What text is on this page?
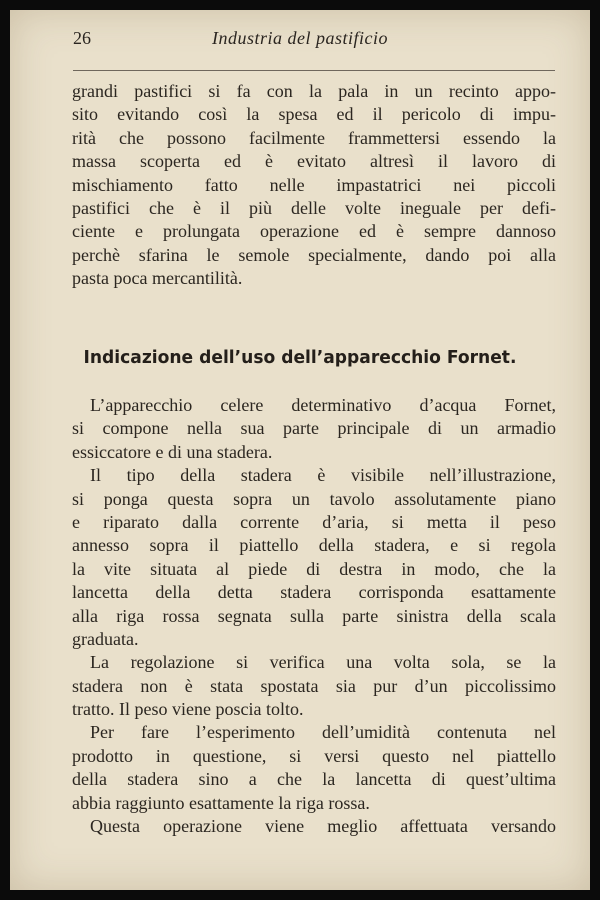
26	Industria del pastificio
grandi pastifici si fa con la pala in un recinto appo-
sito evitando così la spesa ed il pericolo di impu-
rità che possono facilmente frammettersi essendo la
massa scoperta ed è evitato altresì il lavoro di
mischiamento fatto nelle impastatrici nei piccoli
pastifici che è il più delle volte ineguale per defi-
ciente e prolungata operazione ed è sempre dannoso
perchè sfarina le semole specialmente, dando poi alla
pasta poca mercantilità.
Indicazione dell’uso dell’apparecchio Fornet.
L’apparecchio celere determinativo d’acqua Fornet,
si compone nella sua parte principale di un armadio
essiccatore e di una stadera.
Il tipo della stadera è visibile nell’illustrazione,
si ponga questa sopra un tavolo assolutamente piano
e riparato dalla corrente d’aria, si metta il peso
annesso sopra il piattello della stadera, e si regola
la vite situata al piede di destra in modo, che la
lancetta della detta stadera corrisponda esattamente
alla riga rossa segnata sulla parte sinistra della scala
graduata.
La regolazione si verifica una volta sola, se la
stadera non è stata spostata sia pur d’un piccolissimo
tratto. Il peso viene poscia tolto.
Per fare l’esperimento dell’umidità contenuta nel
prodotto in questione, si versi questo nel piattello
della stadera sino a che la lancetta di quest’ultima
abbia raggiunto esattamente la riga rossa.
Questa operazione viene meglio affettuata versando
